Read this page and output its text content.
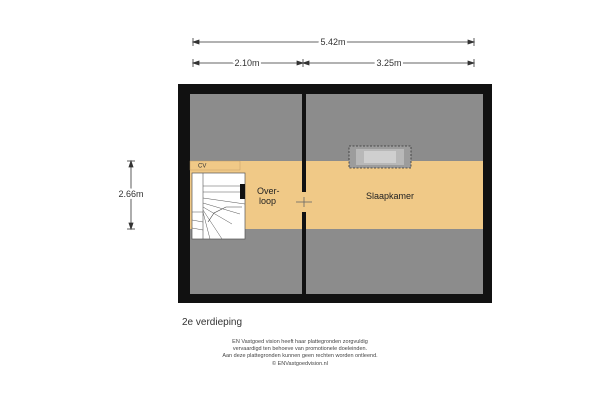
5.42m
2.10m	3.25m
2.66m
CV
Over-
loop	Slaapkamer
2e verdieping
EN Vastgoed vision heeft haar plattegronden zorgvuldig
vervaardigd ten behoeve van promotionele doeleinden.
Aan deze plattegronden kunnen geen rechten worden ontleend.
© ENVastgoedvision.nl
